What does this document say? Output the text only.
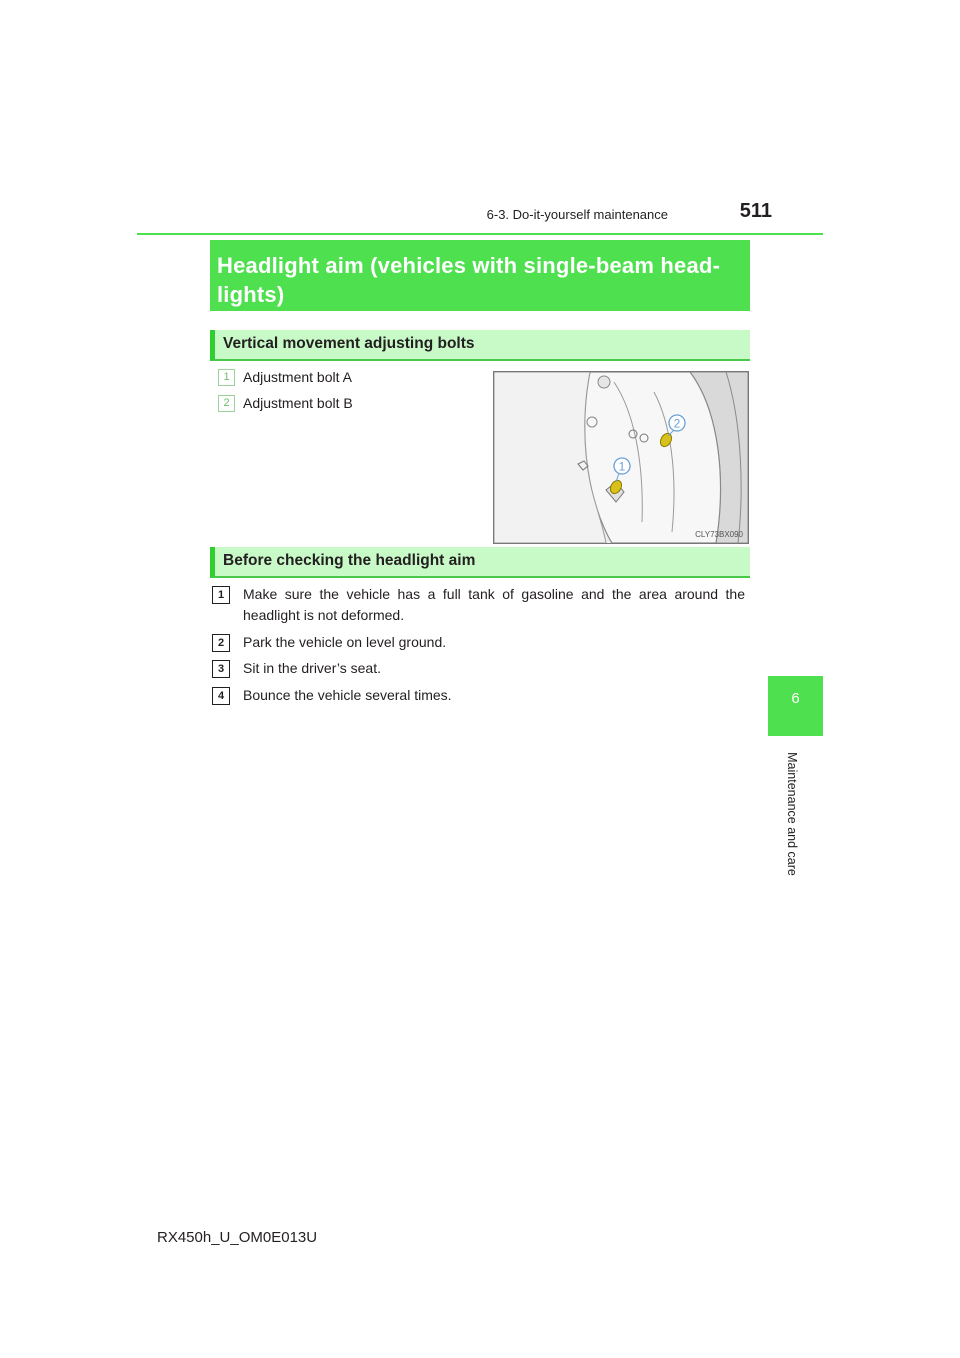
6-3. Do-it-yourself maintenance	511
6
Maintenance and care
Headlight aim (vehicles with single-beam head-lights)
Vertical movement adjusting bolts
1 Adjustment bolt A
2 Adjustment bolt B
1
2
CLY73BX090
Before checking the headlight aim
1	Make sure the vehicle has a full tank of gasoline and the area around the headlight is not deformed.
2	Park the vehicle on level ground.
3	Sit in the driver’s seat.
4	Bounce the vehicle several times.
RX450h_U_OM0E013U
